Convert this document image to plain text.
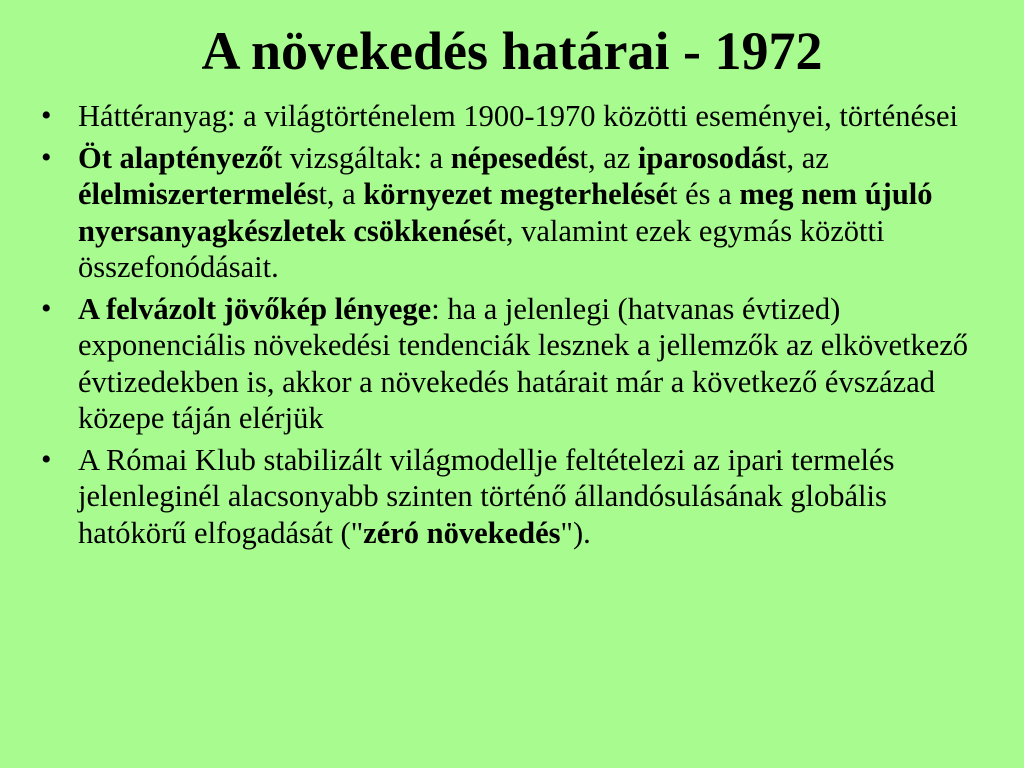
A növekedés határai - 1972
• Háttéranyag: a világtörténelem 1900-1970 közötti eseményei, történései
• Öt alaptényezőt vizsgáltak: a népesedést, az iparosodást, az élelmiszertermelést, a környezet megterhelését és a meg nem újuló nyersanyagkészletek csökkenését, valamint ezek egymás közötti összefonódásait.
• A felvázolt jövőkép lényege: ha a jelenlegi (hatvanas évtized) exponenciális növekedési tendenciák lesznek a jellemzők az elkövetkező évtizedekben is, akkor a növekedés határait már a következő évszázad közepe táján elérjük
• A Római Klub stabilizált világmodellje feltételezi az ipari termelés jelenleginél alacsonyabb szinten történő állandósulásának globális hatókörű elfogadását ("zéró növekedés").
